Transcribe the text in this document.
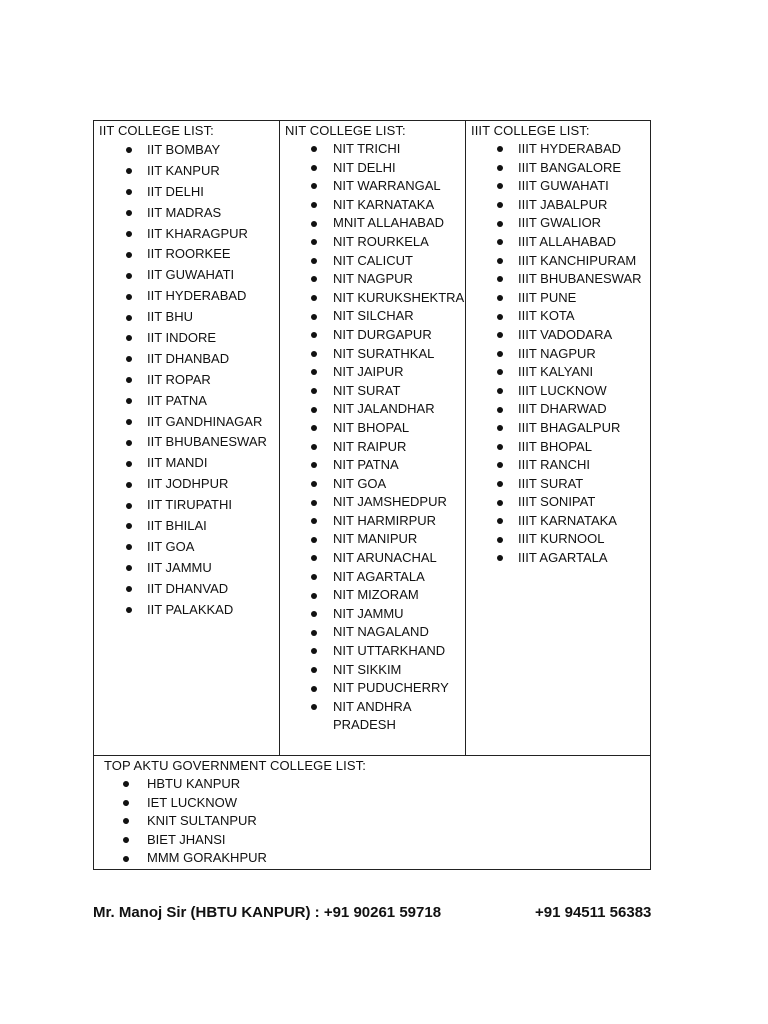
IIT COLLEGE LIST:
IIT BOMBAY
IIT KANPUR
IIT DELHI
IIT MADRAS
IIT KHARAGPUR
IIT ROORKEE
IIT GUWAHATI
IIT HYDERABAD
IIT BHU
IIT INDORE
IIT DHANBAD
IIT ROPAR
IIT PATNA
IIT GANDHINAGAR
IIT BHUBANESWAR
IIT MANDI
IIT JODHPUR
IIT TIRUPATHI
IIT BHILAI
IIT GOA
IIT JAMMU
IIT DHANVAD
IIT PALAKKAD
NIT COLLEGE LIST:
NIT TRICHI
NIT DELHI
NIT WARRANGAL
NIT KARNATAKA
MNIT ALLAHABAD
NIT ROURKELA
NIT CALICUT
NIT NAGPUR
NIT KURUKSHEKTRA
NIT SILCHAR
NIT DURGAPUR
NIT SURATHKAL
NIT JAIPUR
NIT SURAT
NIT JALANDHAR
NIT BHOPAL
NIT RAIPUR
NIT PATNA
NIT GOA
NIT JAMSHEDPUR
NIT HARMIRPUR
NIT MANIPUR
NIT ARUNACHAL
NIT AGARTALA
NIT MIZORAM
NIT JAMMU
NIT NAGALAND
NIT UTTARKHAND
NIT SIKKIM
NIT PUDUCHERRY
NIT ANDHRA PRADESH
IIIT COLLEGE LIST:
IIIT HYDERABAD
IIIT BANGALORE
IIIT GUWAHATI
IIIT JABALPUR
IIIT GWALIOR
IIIT ALLAHABAD
IIIT KANCHIPURAM
IIIT BHUBANESWAR
IIIT PUNE
IIIT KOTA
IIIT VADODARA
IIIT NAGPUR
IIIT KALYANI
IIIT LUCKNOW
IIIT DHARWAD
IIIT BHAGALPUR
IIIT BHOPAL
IIIT RANCHI
IIIT SURAT
IIIT SONIPAT
IIIT KARNATAKA
IIIT KURNOOL
IIIT AGARTALA
TOP AKTU GOVERNMENT COLLEGE LIST:
HBTU KANPUR
IET LUCKNOW
KNIT SULTANPUR
BIET JHANSI
MMM GORAKHPUR
Mr. Manoj Sir (HBTU KANPUR) : +91 90261 59718	+91 94511 56383
